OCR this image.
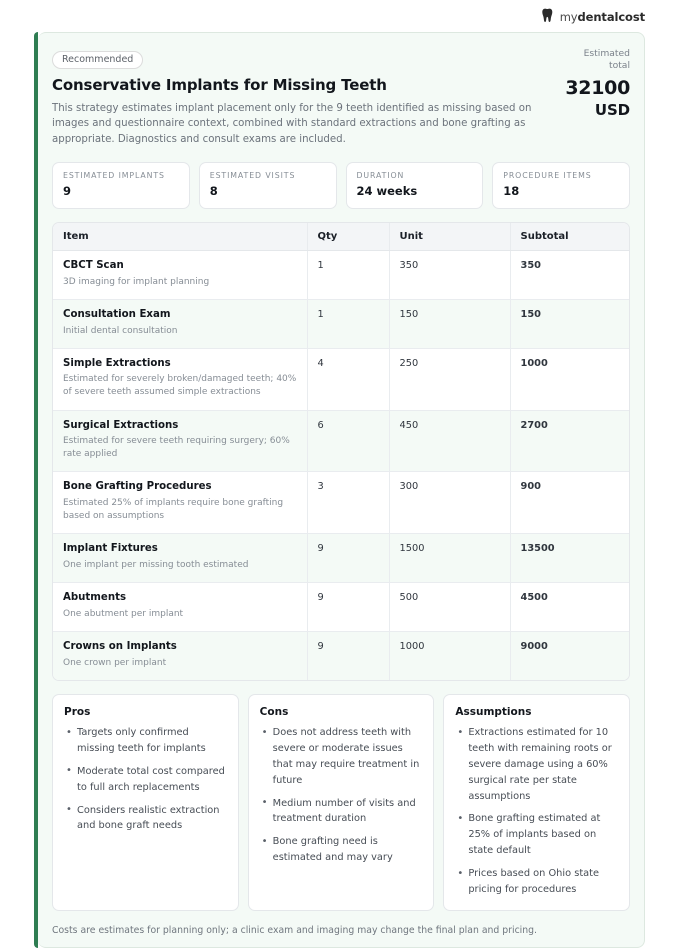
mydentalcost
Recommended
Conservative Implants for Missing Teeth

This strategy estimates implant placement only for the 9 teeth identified as missing based on images and questionnaire context, combined with standard extractions and bone grafting as appropriate. Diagnostics and consult exams are included.

Estimated total
32100
USD
ESTIMATED IMPLANTS
9
ESTIMATED VISITS
8
DURATION
24 weeks
PROCEDURE ITEMS
18
Item	Qty	Unit	Subtotal

CBCT Scan
3D imaging for implant planning	1	350	350

Consultation Exam
Initial dental consultation	1	150	150

Simple Extractions
Estimated for severely broken/damaged teeth; 40% of severe teeth assumed simple extractions	4	250	1000

Surgical Extractions
Estimated for severe teeth requiring surgery; 60% rate applied	6	450	2700

Bone Grafting Procedures
Estimated 25% of implants require bone grafting based on assumptions	3	300	900

Implant Fixtures
One implant per missing tooth estimated	9	1500	13500

Abutments
One abutment per implant	9	500	4500

Crowns on Implants
One crown per implant	9	1000	9000
Pros
• Targets only confirmed missing teeth for implants
• Moderate total cost compared to full arch replacements
• Considers realistic extraction and bone graft needs
Cons
• Does not address teeth with severe or moderate issues that may require treatment in future
• Medium number of visits and treatment duration
• Bone grafting need is estimated and may vary
Assumptions
• Extractions estimated for 10 teeth with remaining roots or severe damage using a 60% surgical rate per state assumptions
• Bone grafting estimated at 25% of implants based on state default
• Prices based on Ohio state pricing for procedures
Costs are estimates for planning only; a clinic exam and imaging may change the final plan and pricing.
